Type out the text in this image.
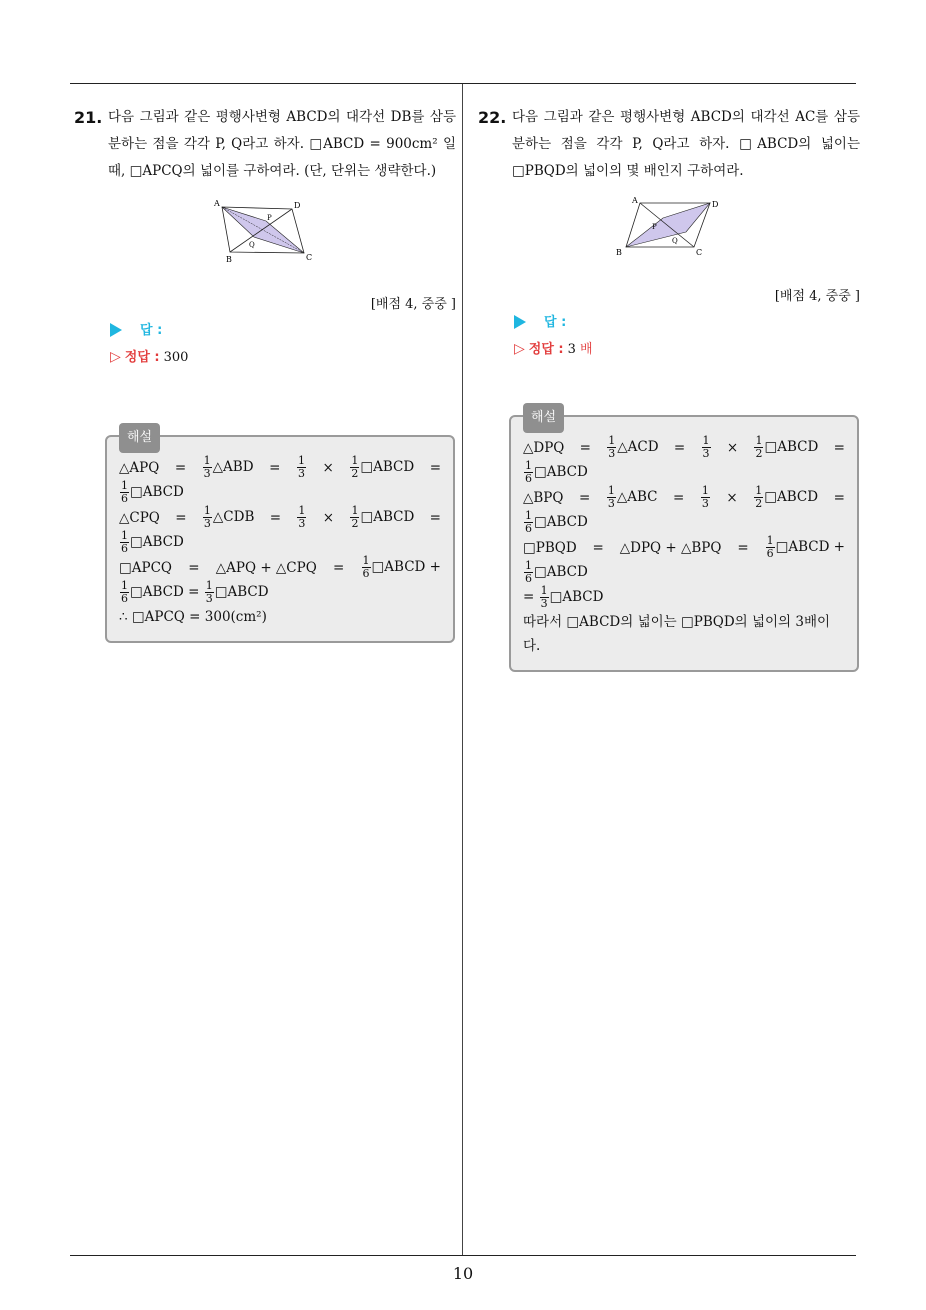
21. 다음 그림과 같은 평행사변형 ABCD의 대각선 DB를 삼등분하는 점을 각각 P, Q라고 하자. □ABCD = 900cm² 일 때, □APCQ의 넓이를 구하여라. (단, 단위는 생략한다.)
A	D
B	C
P
Q
[배점 4, 중중 ]
답 :
▷ 정답 : 300
해설
△APQ = $\frac{1}{3}$ △ABD = $\frac{1}{3} \times \frac{1}{2}$ □ABCD =
$\frac{1}{6}$ □ABCD
△CPQ = $\frac{1}{3}$ △CDB = $\frac{1}{3} \times \frac{1}{2}$ □ABCD =
$\frac{1}{6}$ □ABCD
□APCQ = △APQ + △CPQ = $\frac{1}{6}$ □ABCD +
$\frac{1}{6}$ □ABCD = $\frac{1}{3}$ □ABCD
∴ □APCQ = 300(cm²)
22. 다음 그림과 같은 평행사변형 ABCD의 대각선 AC를 삼등분하는 점을 각각 P, Q라고 하자. □ABCD의 넓이는 □PBQD의 넓이의 몇 배인지 구하여라.
A	D
B	C
P
Q
[배점 4, 중중 ]
답 :
▷ 정답 : 3 배
해설
△DPQ = $\frac{1}{3}$ △ACD = $\frac{1}{3} \times \frac{1}{2}$ □ABCD =
$\frac{1}{6}$ □ABCD
△BPQ = $\frac{1}{3}$ △ABC = $\frac{1}{3} \times \frac{1}{2}$ □ABCD =
$\frac{1}{6}$ □ABCD
□PBQD = △DPQ + △BPQ = $\frac{1}{6}$ □ABCD +
$\frac{1}{6}$ □ABCD
= $\frac{1}{3}$ □ABCD
따라서 □ABCD의 넓이는 □PBQD의 넓이의 3배이다.
10
